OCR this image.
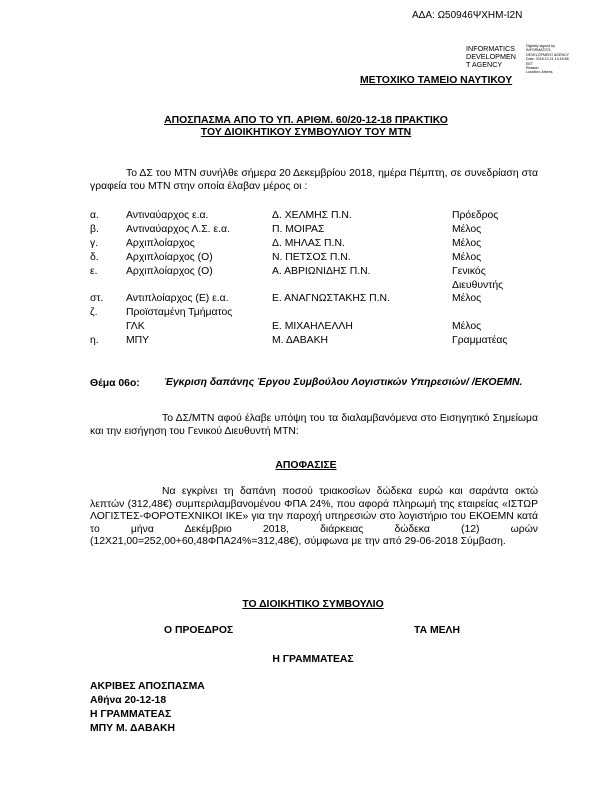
ΑΔΑ: Ω50946ΨΧΗΜ-Ι2Ν
INFORMATICS
DEVELOPMEN
T AGENCY
Digitally signed by
INFORMATICS
DEVELOPMENT AGENCY
Date: 2018.12.21 14:16:58
EET
Reason:
Location: Athens
ΜΕΤΟΧΙΚΟ ΤΑΜΕΙΟ ΝΑΥΤΙΚΟΥ
ΑΠΟΣΠΑΣΜΑ ΑΠΟ ΤΟ ΥΠ. ΑΡΙΘΜ. 60/20-12-18 ΠΡΑΚΤΙΚΟ
ΤΟΥ ΔΙΟΙΚΗΤΙΚΟΥ ΣΥΜΒΟΥΛΙΟΥ ΤΟΥ ΜΤΝ
Το ΔΣ του ΜΤΝ συνήλθε σήμερα 20 Δεκεμβρίου 2018, ημέρα Πέμπτη, σε συνεδρίαση στα γραφεία του ΜΤΝ στην οποία έλαβαν μέρος οι :
α.	Αντιναύαρχος ε.α.	Δ. ΧΕΛΜΗΣ Π.Ν.	Πρόεδρος
β.	Αντιναύαρχος Λ.Σ. ε.α.	Π. ΜΟΙΡΑΣ	Μέλος
γ.	Αρχιπλοίαρχος	Δ. ΜΗΛΑΣ Π.Ν.	Μέλος
δ.	Αρχιπλοίαρχος (Ο)	Ν. ΠΕΤΣΟΣ Π.Ν.	Μέλος
ε.	Αρχιπλοίαρχος (Ο)	Α. ΑΒΡΙΩΝΙΔΗΣ Π.Ν.	Γενικός
Διευθυντής
στ. Αντιπλοίαρχος (Ε) ε.α.	Ε. ΑΝΑΓΝΩΣΤΑΚΗΣ Π.Ν.	Μέλος
ζ.	Προϊσταμένη Τμήματος
ΓΛΚ	Ε. ΜΙΧΑΗΛΕΛΛΗ	Μέλος
η.	ΜΠΥ	Μ. ΔΑΒΑΚΗ	Γραμματέας
Θέμα 06ο: Έγκριση δαπάνης Έργου Συμβούλου Λογιστικών Υπηρεσιών/ /ΕΚΟΕΜΝ.
Το ΔΣ/ΜΤΝ αφού έλαβε υπόψη του τα διαλαμβανόμενα στο Εισηγητικό Σημείωμα και την εισήγηση του Γενικού Διευθυντή ΜΤΝ:
ΑΠΟΦΑΣΙΣΕ
Να εγκρίνει τη δαπάνη ποσού τριακοσίων δώδεκα ευρώ και σαράντα οκτώ λεπτών (312,48€) συμπεριλαμβανομένου ΦΠΑ 24%, που αφορά πληρωμή της εταιρείας «ΙΣΤΩΡ ΛΟΓΙΣΤΕΣ-ΦΟΡΟΤΕΧΝΙΚΟΙ ΙΚΕ» για την παροχή υπηρεσιών στο λογιστήριο του ΕΚΟΕΜΝ κατά το μήνα Δεκέμβριο 2018, διάρκειας δώδεκα (12) ωρών (12Χ21,00=252,00+60,48ΦΠΑ24%=312,48€), σύμφωνα με την από 29-06-2018 Σύμβαση.
ΤΟ ΔΙΟΙΚΗΤΙΚΟ ΣΥΜΒΟΥΛΙΟ
Ο ΠΡΟΕΔΡΟΣ	ΤΑ ΜΕΛΗ
Η ΓΡΑΜΜΑΤΕΑΣ
ΑΚΡΙΒΕΣ ΑΠΟΣΠΑΣΜΑ
Αθήνα 20-12-18
Η ΓΡΑΜΜΑΤΕΑΣ
ΜΠΥ Μ. ΔΑΒΑΚΗ
